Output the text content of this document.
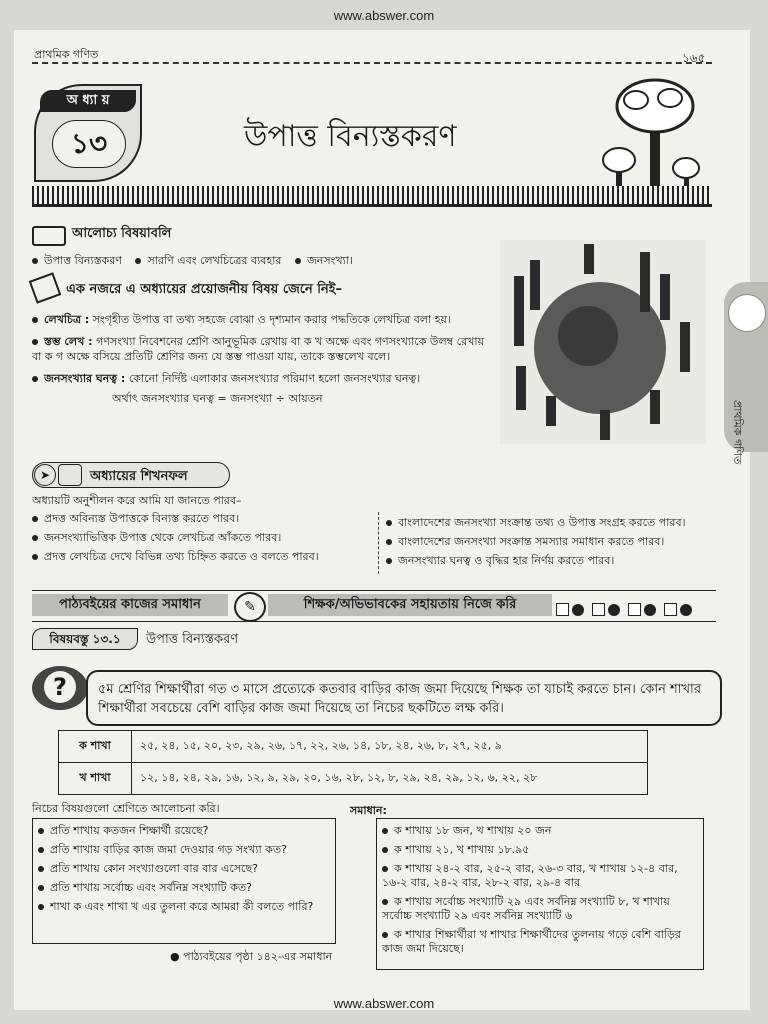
www.abswer.com
প্রাথমিক গণিত	১৬৫
অ ধ্যা য়
১৩	উপাত্ত বিন্যস্তকরণ
আলোচ্য বিষয়াবলি
উপাত্ত বিন্যস্তকরণ সারণি এবং লেখচিত্রের ব্যবহার জনসংখ্যা।
এক নজরে এ অধ্যায়ের প্রয়োজনীয় বিষয় জেনে নিই–
লেখচিত্র : সংগৃহীত উপাত্ত বা তথ্য সহজে বোঝা ও দৃশ্যমান করার পদ্ধতিকে লেখচিত্র বলা হয়।
স্তম্ভ লেখ : গণসংখ্যা নিবেশনের শ্রেণি আনুভূমিক রেখায় বা ক খ অক্ষে এবং গণসংখ্যাকে উলম্ব রেখায় বা ক গ অক্ষে বসিয়ে প্রতিটি শ্রেণির জন্য যে স্তম্ভ পাওয়া যায়, তাকে স্তম্ভলেখ বলে।
জনসংখ্যার ঘনত্ব : কোনো নির্দিষ্ট এলাকার জনসংখ্যার পরিমাণ হলো জনসংখ্যার ঘনত্ব।
অর্থাৎ জনসংখ্যার ঘনত্ব = জনসংখ্যা ÷ আয়তন
প্রাথমিক গণিত
➤	অধ্যায়ের শিখনফল
অধ্যায়টি অনুশীলন করে আমি যা জানতে পারব–
প্রদত্ত অবিন্যস্ত উপাত্তকে বিন্যস্ত করতে পারব।
জনসংখ্যাভিত্তিক উপাত্ত থেকে লেখচিত্র আঁকতে পারব।
প্রদত্ত লেখচিত্র দেখে বিভিন্ন তথ্য চিহ্নিত করতে ও বলতে পারব।
বাংলাদেশের জনসংখ্যা সংক্রান্ত তথ্য ও উপাত্ত সংগ্রহ করতে পারব।
বাংলাদেশের জনসংখ্যা সংক্রান্ত সমস্যার সমাধান করতে পারব।
জনসংখ্যার ঘনত্ব ও বৃদ্ধির হার নির্ণয় করতে পারব।
পাঠ্যবইয়ের কাজের সমাধান	✎	শিক্ষক/অভিভাবকের সহায়তায় নিজে করি

বিষয়বস্তু ১৩.১	উপাত্ত বিন্যস্তকরণ
?	৫ম শ্রেণির শিক্ষার্থীরা গত ৩ মাসে প্রত্যেকে কতবার বাড়ির কাজ জমা দিয়েছে শিক্ষক তা যাচাই করতে চান। কোন শাখার শিক্ষার্থীরা সবচেয়ে বেশি বাড়ির কাজ জমা দিয়েছে তা নিচের ছকটিতে লক্ষ করি।
ক শাখা	২৫, ২৪, ১৫, ২০, ২৩, ২৯, ২৬, ১৭, ২২, ২৬, ১৪, ১৮, ২৪, ২৬, ৮, ২৭, ২৫, ৯
খ শাখা	১২, ১৪, ২৪, ২৯, ১৬, ১২, ৯, ২৯, ২০, ১৬, ২৮, ১২, ৮, ২৯, ২৪, ২৯, ১২, ৬, ২২, ২৮
নিচের বিষয়গুলো শ্রেণিতে আলোচনা করি।
প্রতি শাখায় কতজন শিক্ষার্থী রয়েছে?
প্রতি শাখায় বাড়ির কাজ জমা দেওয়ার গড় সংখ্যা কত?
প্রতি শাখায় কোন সংখ্যাগুলো বার বার এসেছে?
প্রতি শাখায় সর্বোচ্চ এবং সর্বনিম্ন সংখ্যাটি কত?
শাখা ক এবং শাখা খ এর তুলনা করে আমরা কী বলতে পারি?
● পাঠ্যবইয়ের পৃষ্ঠা ১৪২-এর সমাধান
সমাধান:
ক শাখায় ১৮ জন, খ শাখায় ২০ জন
ক শাখায় ২১, খ শাখায় ১৮.৯৫
ক শাখায় ২৪-২ বার, ২৫-২ বার, ২৬-৩ বার, খ শাখায় ১২-৪ বার, ১৬-২ বার, ২৪-২ বার, ২৮-২ বার, ২৯-৪ বার
ক শাখায় সর্বোচ্চ সংখ্যাটি ২৯ এবং সর্বনিম্ন সংখ্যাটি ৮, খ শাখায় সর্বোচ্চ সংখ্যাটি ২৯ এবং সর্বনিম্ন সংখ্যাটি ৬
ক শাখার শিক্ষার্থীরা খ শাখার শিক্ষার্থীদের তুলনায় গড়ে বেশি বাড়ির কাজ জমা দিয়েছে।
www.abswer.com
